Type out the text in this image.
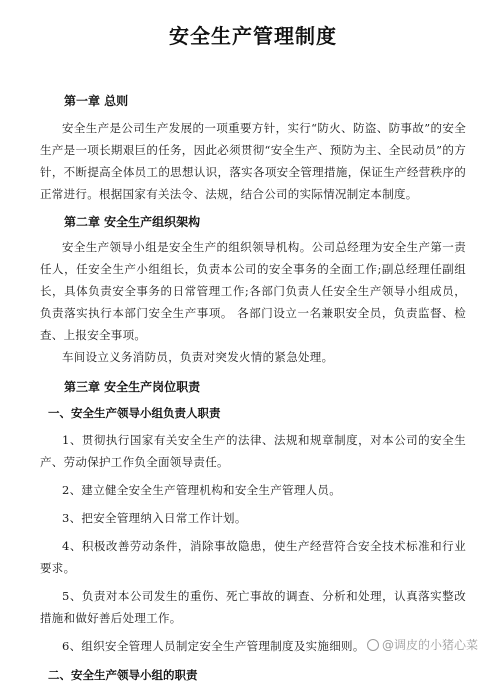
安全生产管理制度

第一章 总则

安全生产是公司生产发展的一项重要方针，实行“防火、防盗、防事故”的安全生产是一项长期艰巨的任务，因此必须贯彻“安全生产、预防为主、全民动员”的方针，不断提高全体员工的思想认识，落实各项安全管理措施，保证生产经营秩序的正常进行。根据国家有关法令、法规，结合公司的实际情况制定本制度。

第二章 安全生产组织架构

安全生产领导小组是安全生产的组织领导机构。公司总经理为安全生产第一责任人，任安全生产小组组长，负责本公司的安全事务的全面工作;副总经理任副组长，具体负责安全事务的日常管理工作;各部门负责人任安全生产领导小组成员，负责落实执行本部门安全生产事项。 各部门设立一名兼职安全员，负责监督、检查、上报安全事项。

车间设立义务消防员，负责对突发火情的紧急处理。

第三章 安全生产岗位职责

一、安全生产领导小组负责人职责

1、贯彻执行国家有关安全生产的法律、法规和规章制度，对本公司的安全生产、劳动保护工作负全面领导责任。

2、建立健全安全生产管理机构和安全生产管理人员。

3、把安全管理纳入日常工作计划。

4、积极改善劳动条件，消除事故隐患，使生产经营符合安全技术标准和行业要求。

5、负责对本公司发生的重伤、死亡事故的调查、分析和处理，认真落实整改措施和做好善后处理工作。

6、组织安全管理人员制定安全生产管理制度及实施细则。

二、安全生产领导小组的职责

@调皮的小猪心菜
